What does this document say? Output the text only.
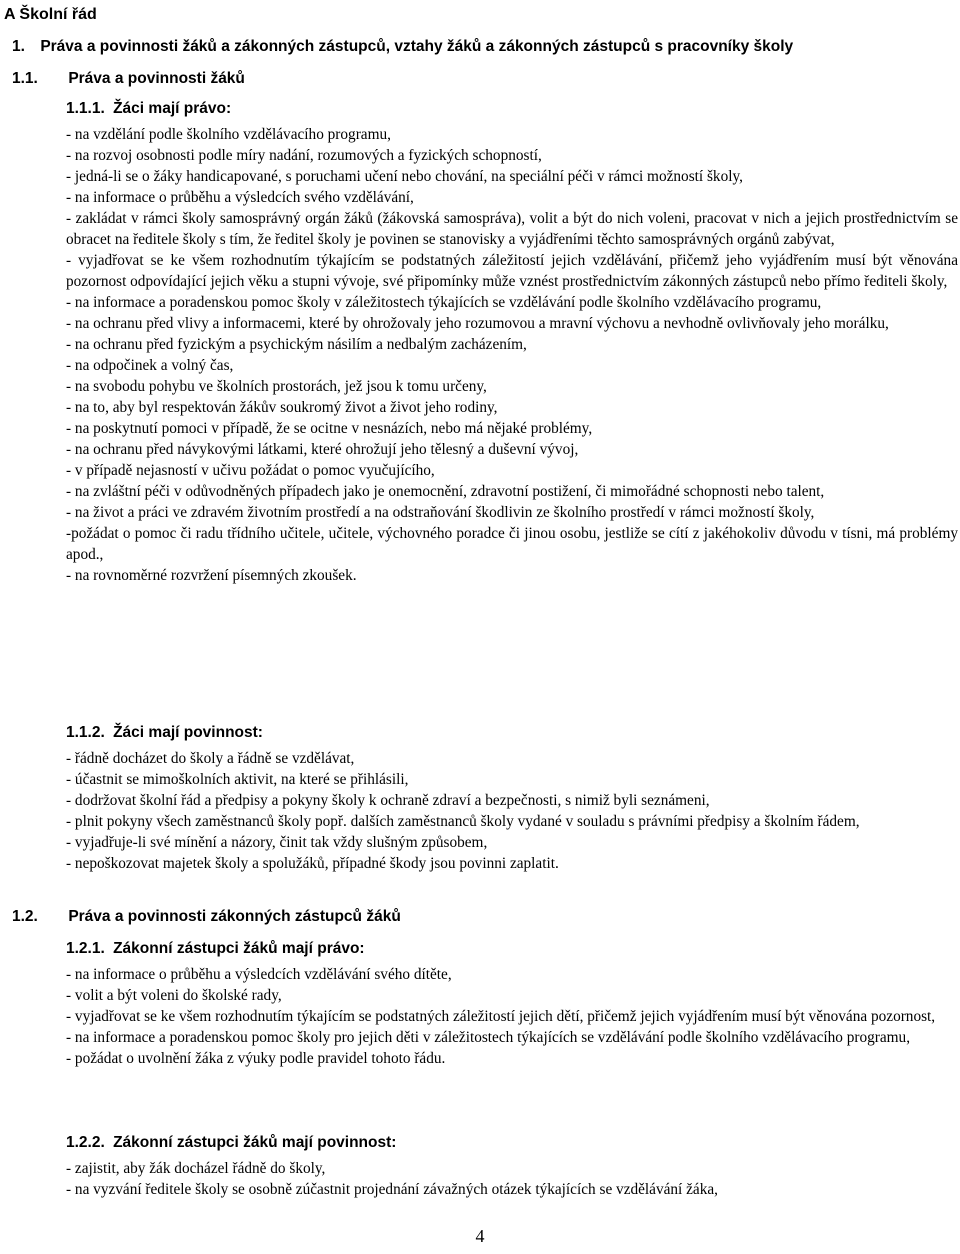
A Školní řád
1. Práva a povinnosti žáků a zákonných zástupců, vztahy žáků a zákonných zástupců s pracovníky školy
1.1. Práva a povinnosti žáků
1.1.1. Žáci mají právo:

- na vzdělání podle školního vzdělávacího programu,

- na rozvoj osobnosti podle míry nadání, rozumových a fyzických schopností,

- jedná-li se o žáky handicapované, s poruchami učení nebo chování, na speciální péči v rámci možností školy,

- na informace o průběhu a výsledcích svého vzdělávání,

- zakládat v rámci školy samosprávný orgán žáků (žákovská samospráva), volit a být do nich voleni, pracovat v nich a jejich prostřednictvím se obracet na ředitele školy s tím, že ředitel školy je povinen se stanovisky a vyjádřeními těchto samosprávných orgánů zabývat,

- vyjadřovat se ke všem rozhodnutím týkajícím se podstatných záležitostí jejich vzdělávání, přičemž jeho vyjádřením musí být věnována pozornost odpovídající jejich věku a stupni vývoje, své připomínky může vznést prostřednictvím zákonných zástupců nebo přímo řediteli školy,

- na informace a poradenskou pomoc školy v záležitostech týkajících se vzdělávání podle školního vzdělávacího programu,

- na ochranu před vlivy a informacemi, které by ohrožovaly jeho rozumovou a mravní výchovu a nevhodně ovlivňovaly jeho morálku,

- na ochranu před fyzickým a psychickým násilím a nedbalým zacházením,

- na odpočinek a volný čas,

- na svobodu pohybu ve školních prostorách, jež jsou k tomu určeny,

- na to, aby byl respektován žákův soukromý život a život jeho rodiny,

- na poskytnutí pomoci v případě, že se ocitne v nesnázích, nebo má nějaké problémy,

- na ochranu před návykovými látkami, které ohrožují jeho tělesný a duševní vývoj,

- v případě nejasností v učivu požádat o pomoc vyučujícího,

- na zvláštní péči v odůvodněných případech jako je onemocnění, zdravotní postižení, či mimořádné schopnosti nebo talent,

- na život a práci ve zdravém životním prostředí a na odstraňování škodlivin ze školního prostředí v rámci možností školy,

-požádat o pomoc či radu třídního učitele, učitele, výchovného poradce či jinou osobu, jestliže se cítí z jakéhokoliv důvodu v tísni, má problémy apod.,

- na rovnoměrné rozvržení písemných zkoušek.

1.1.2. Žáci mají povinnost:

- řádně docházet do školy a řádně se vzdělávat,

- účastnit se mimoškolních aktivit, na které se přihlásili,

- dodržovat školní řád a předpisy a pokyny školy k ochraně zdraví a bezpečnosti, s nimiž byli seznámeni,

- plnit pokyny všech zaměstnanců školy popř. dalších zaměstnanců školy vydané v souladu s právními předpisy a školním řádem,

- vyjadřuje-li své mínění a názory, činit tak vždy slušným způsobem,

- nepoškozovat majetek školy a spolužáků, případné škody jsou povinni zaplatit.

1.2. Práva a povinnosti zákonných zástupců žáků
1.2.1. Zákonní zástupci žáků mají právo:

- na informace o průběhu a výsledcích vzdělávání svého dítěte,

- volit a být voleni do školské rady,

- vyjadřovat se ke všem rozhodnutím týkajícím se podstatných záležitostí jejich dětí, přičemž jejich vyjádřením musí být věnována pozornost,

- na informace a poradenskou pomoc školy pro jejich děti v záležitostech týkajících se vzdělávání podle školního vzdělávacího programu,

- požádat o uvolnění žáka z výuky podle pravidel tohoto řádu.

1.2.2. Zákonní zástupci žáků mají povinnost:

- zajistit, aby žák docházel řádně do školy,

- na vyzvání ředitele školy se osobně zúčastnit projednání závažných otázek týkajících se vzdělávání žáka,

4
